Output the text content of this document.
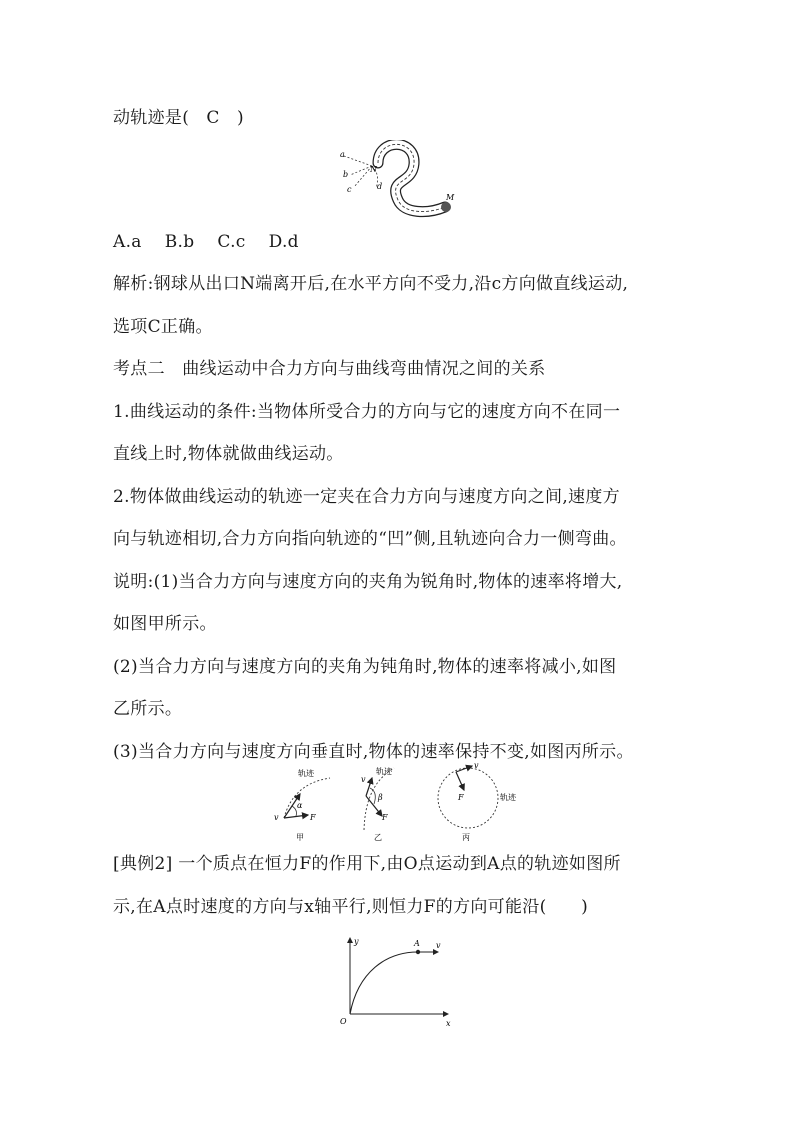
动轨迹是(　C　)
a
b
c	d
N
M
A.a　 B.b　 C.c　 D.d
解析:钢球从出口N端离开后,在水平方向不受力,沿c方向做直线运动,
选项C正确。
考点二　曲线运动中合力方向与曲线弯曲情况之间的关系
1.曲线运动的条件:当物体所受合力的方向与它的速度方向不在同一
直线上时,物体就做曲线运动。
2.物体做曲线运动的轨迹一定夹在合力方向与速度方向之间,速度方
向与轨迹相切,合力方向指向轨迹的“凹”侧,且轨迹向合力一侧弯曲。
说明:(1)当合力方向与速度方向的夹角为锐角时,物体的速率将增大,
如图甲所示。
(2)当合力方向与速度方向的夹角为钝角时,物体的速率将减小,如图
乙所示。
(3)当合力方向与速度方向垂直时,物体的速率保持不变,如图丙所示。
轨迹
v	F
α
甲
轨迹
v
F
β
乙
v
F	轨迹
丙
[典例2] 一个质点在恒力F的作用下,由O点运动到A点的轨迹如图所
示,在A点时速度的方向与x轴平行,则恒力F的方向可能沿(　　)
y
x
O
A v
